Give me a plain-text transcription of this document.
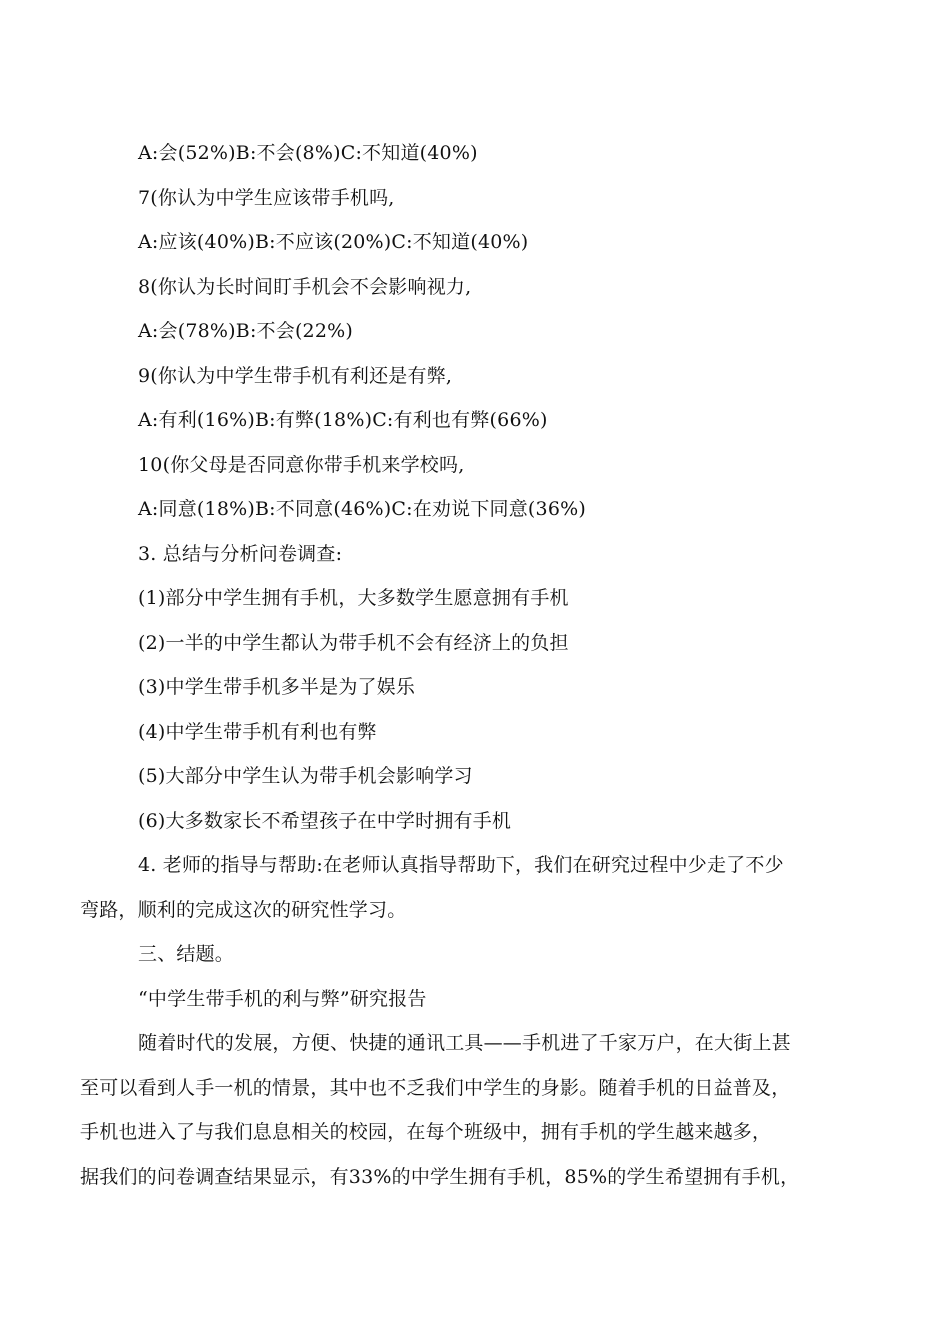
A:会(52%)B:不会(8%)C:不知道(40%)
7(你认为中学生应该带手机吗,
A:应该(40%)B:不应该(20%)C:不知道(40%)
8(你认为长时间盯手机会不会影响视力,
A:会(78%)B:不会(22%)
9(你认为中学生带手机有利还是有弊,
A:有利(16%)B:有弊(18%)C:有利也有弊(66%)
10(你父母是否同意你带手机来学校吗,
A:同意(18%)B:不同意(46%)C:在劝说下同意(36%)
3. 总结与分析问卷调查:
(1)部分中学生拥有手机，大多数学生愿意拥有手机
(2)一半的中学生都认为带手机不会有经济上的负担
(3)中学生带手机多半是为了娱乐
(4)中学生带手机有利也有弊
(5)大部分中学生认为带手机会影响学习
(6)大多数家长不希望孩子在中学时拥有手机
4. 老师的指导与帮助:在老师认真指导帮助下，我们在研究过程中少走了不少
弯路，顺利的完成这次的研究性学习。
三、结题。
“中学生带手机的利与弊”研究报告
随着时代的发展，方便、快捷的通讯工具——手机进了千家万户，在大街上甚
至可以看到人手一机的情景，其中也不乏我们中学生的身影。随着手机的日益普及，
手机也进入了与我们息息相关的校园，在每个班级中，拥有手机的学生越来越多，
据我们的问卷调查结果显示，有33%的中学生拥有手机，85%的学生希望拥有手机，
